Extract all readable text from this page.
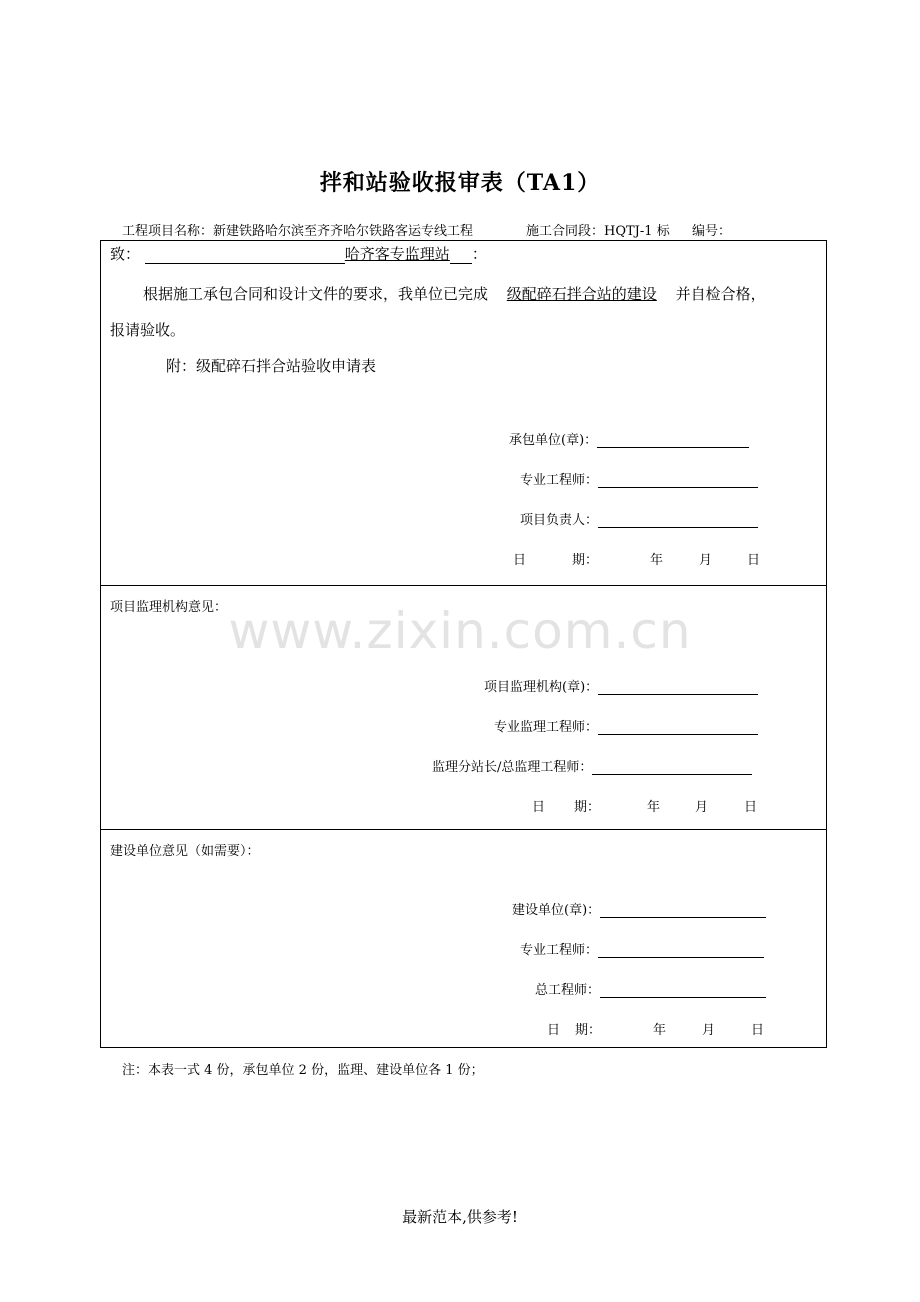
拌和站验收报审表（TA1）
工程项目名称：新建铁路哈尔滨至齐齐哈尔铁路客运专线工程	施工合同段：HQTJ-1 标 编号：
www.zixin.com.cn
致：	哈齐客专监理站 ：
根据施工承包合同和设计文件的要求，我单位已完成 级配碎石拌合站的建设 并自检合格，
报请验收。
附：级配碎石拌合站验收申请表
承包单位(章)：
专业工程师：
项目负责人：
日	期：	年	月	日
项目监理机构意见：
项目监理机构(章)：
专业监理工程师：
监理分站长/总监理工程师：
日 期：	年	月	日
建设单位意见（如需要）：
建设单位(章)：
专业工程师：
总工程师：
日 期：	年	月	日
注：本表一式 4 份，承包单位 2 份，监理、建设单位各 1 份；
最新范本,供参考!
